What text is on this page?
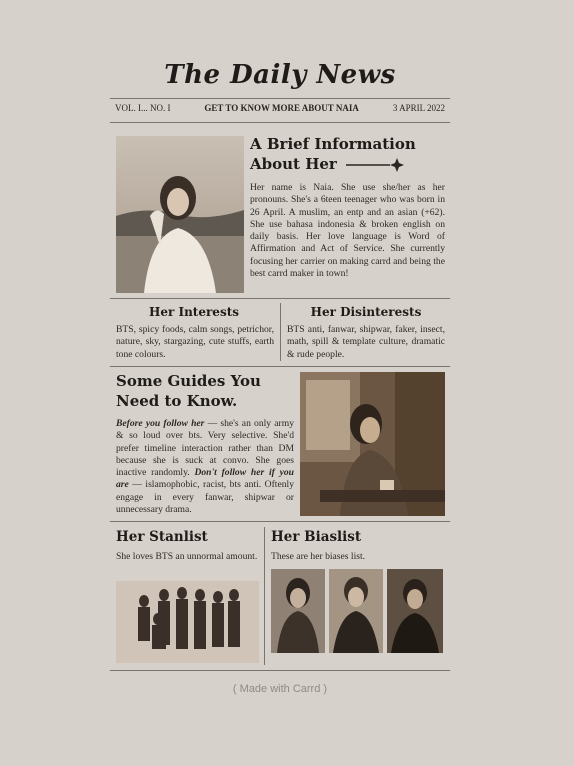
The Daily News
VOL. I... NO. I	GET TO KNOW MORE ABOUT NAIA	3 APRIL 2022
A Brief Information
About Her
Her name is Naia. She use she/her as her pronouns. She's a 6teen teenager who was born in 26 April. A muslim, an entp and an asian (+62). She use bahasa indonesia & broken english on daily basis. Her love language is Word of Affirmation and Act of Service. She currently focusing her carrier on making carrd and being the best carrd maker in town!
Her Interests
BTS, spicy foods, calm songs, petrichor, nature, sky, stargazing, cute stuffs, earth tone colours.
Her Disinterests
BTS anti, fanwar, shipwar, faker, insect, math, spill & template culture, dramatic & rude people.
Some Guides You
Need to Know.
Before you follow her — she's an only army & so loud over bts. Very selective. She'd prefer timeline interaction rather than DM because she is suck at convo. She goes inactive randomly. Don't follow her if you are — islamophobic, racist, bts anti. Oftenly engage in every fanwar, shipwar or unnecessary drama.
Her Stanlist
She loves BTS an unnormal amount.
Her Biaslist
These are her biases list.
( Made with Carrd )
